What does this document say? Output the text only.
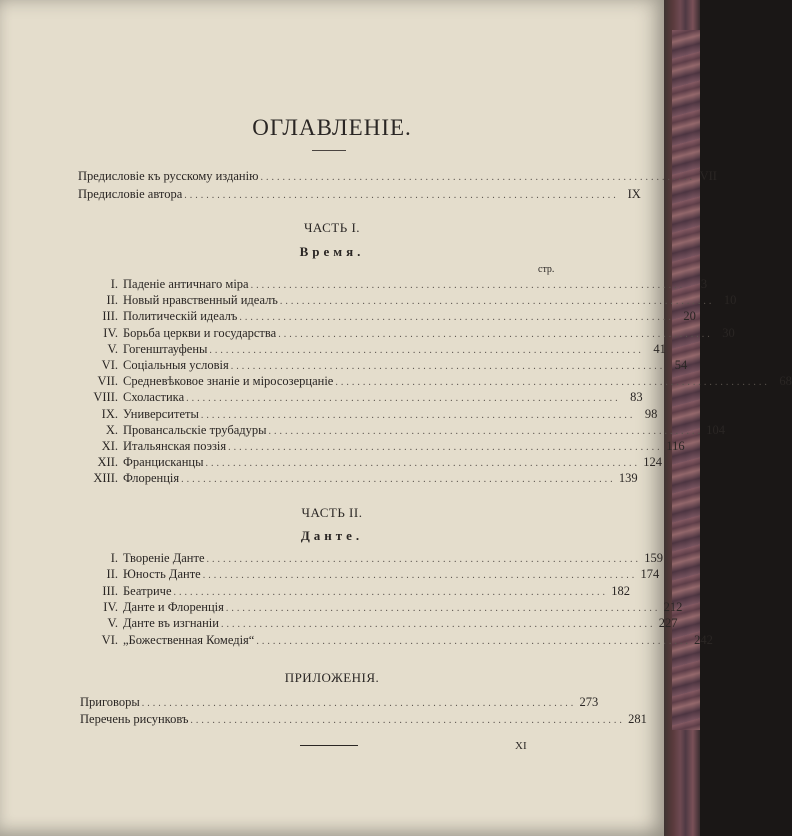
ОГЛАВЛЕНІЕ.
Предисловіе къ русскому изданію ............................................................................... VII
Предисловіе автора ............................................................................... IX
ЧАСТЬ I.
Время.
стр.
I. Паденіе античнаго міра ...............................................................................	3
II. Новый нравственный идеалъ ............................................................................... 10
III. Политическій идеалъ ............................................................................... 20
IV. Борьба церкви и государства ............................................................................... 30
V. Гогенштауфены ............................................................................... 41
VI. Соціальныя условія ............................................................................... 54
VII. Средневѣковое знаніе и міросозерцаніе ............................................................................... 68
VIII. Схоластика ............................................................................... 83
IX. Университеты ............................................................................... 98
X. Провансальскіе трубадуры ............................................................................... 104
XI. Итальянская поэзія ............................................................................... 116
XII. Францисканцы ............................................................................... 124
XIII. Флоренція ............................................................................... 139
ЧАСТЬ II.
Данте.
I. Твореніе Данте ............................................................................... 159
II. Юность Данте ............................................................................... 174
III. Беатриче ............................................................................... 182
IV. Данте и Флоренція ............................................................................... 212
V. Данте въ изгнаніи ............................................................................... 227
VI. „Божественная Комедія“ ............................................................................... 242
ПРИЛОЖЕНІЯ.
Приговоры ............................................................................... 273
Перечень рисунковъ ............................................................................... 281
XI
